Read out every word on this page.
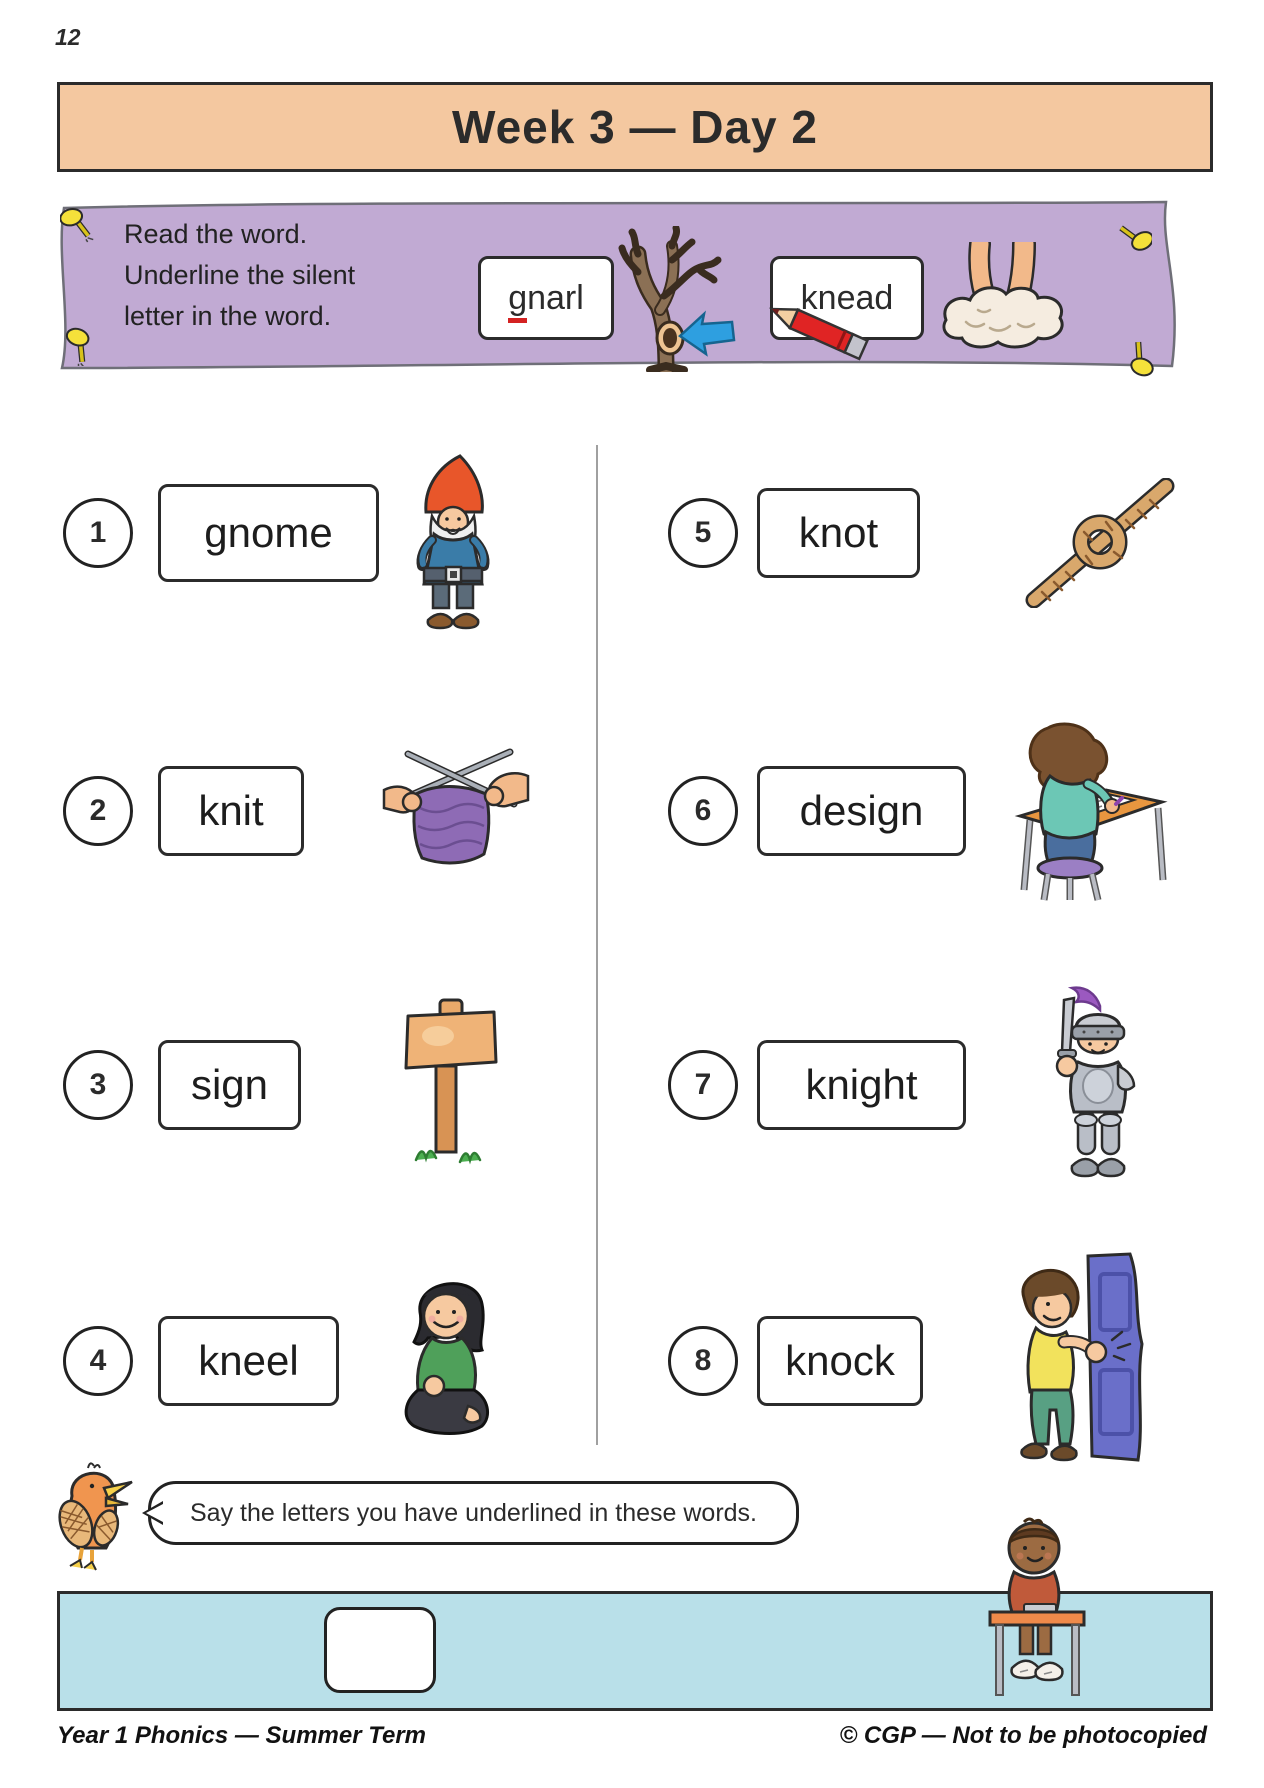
12
Week 3 — Day 2
Read the word.
Underline the silent
letter in the word.	gnarl	knead
1 gnome
2 knit
3 sign
4 kneel
5 knot
6 design
7 knight
8 knock
Say the letters you have underlined in these words.
Year 1 Phonics — Summer Term	© CGP — Not to be photocopied
